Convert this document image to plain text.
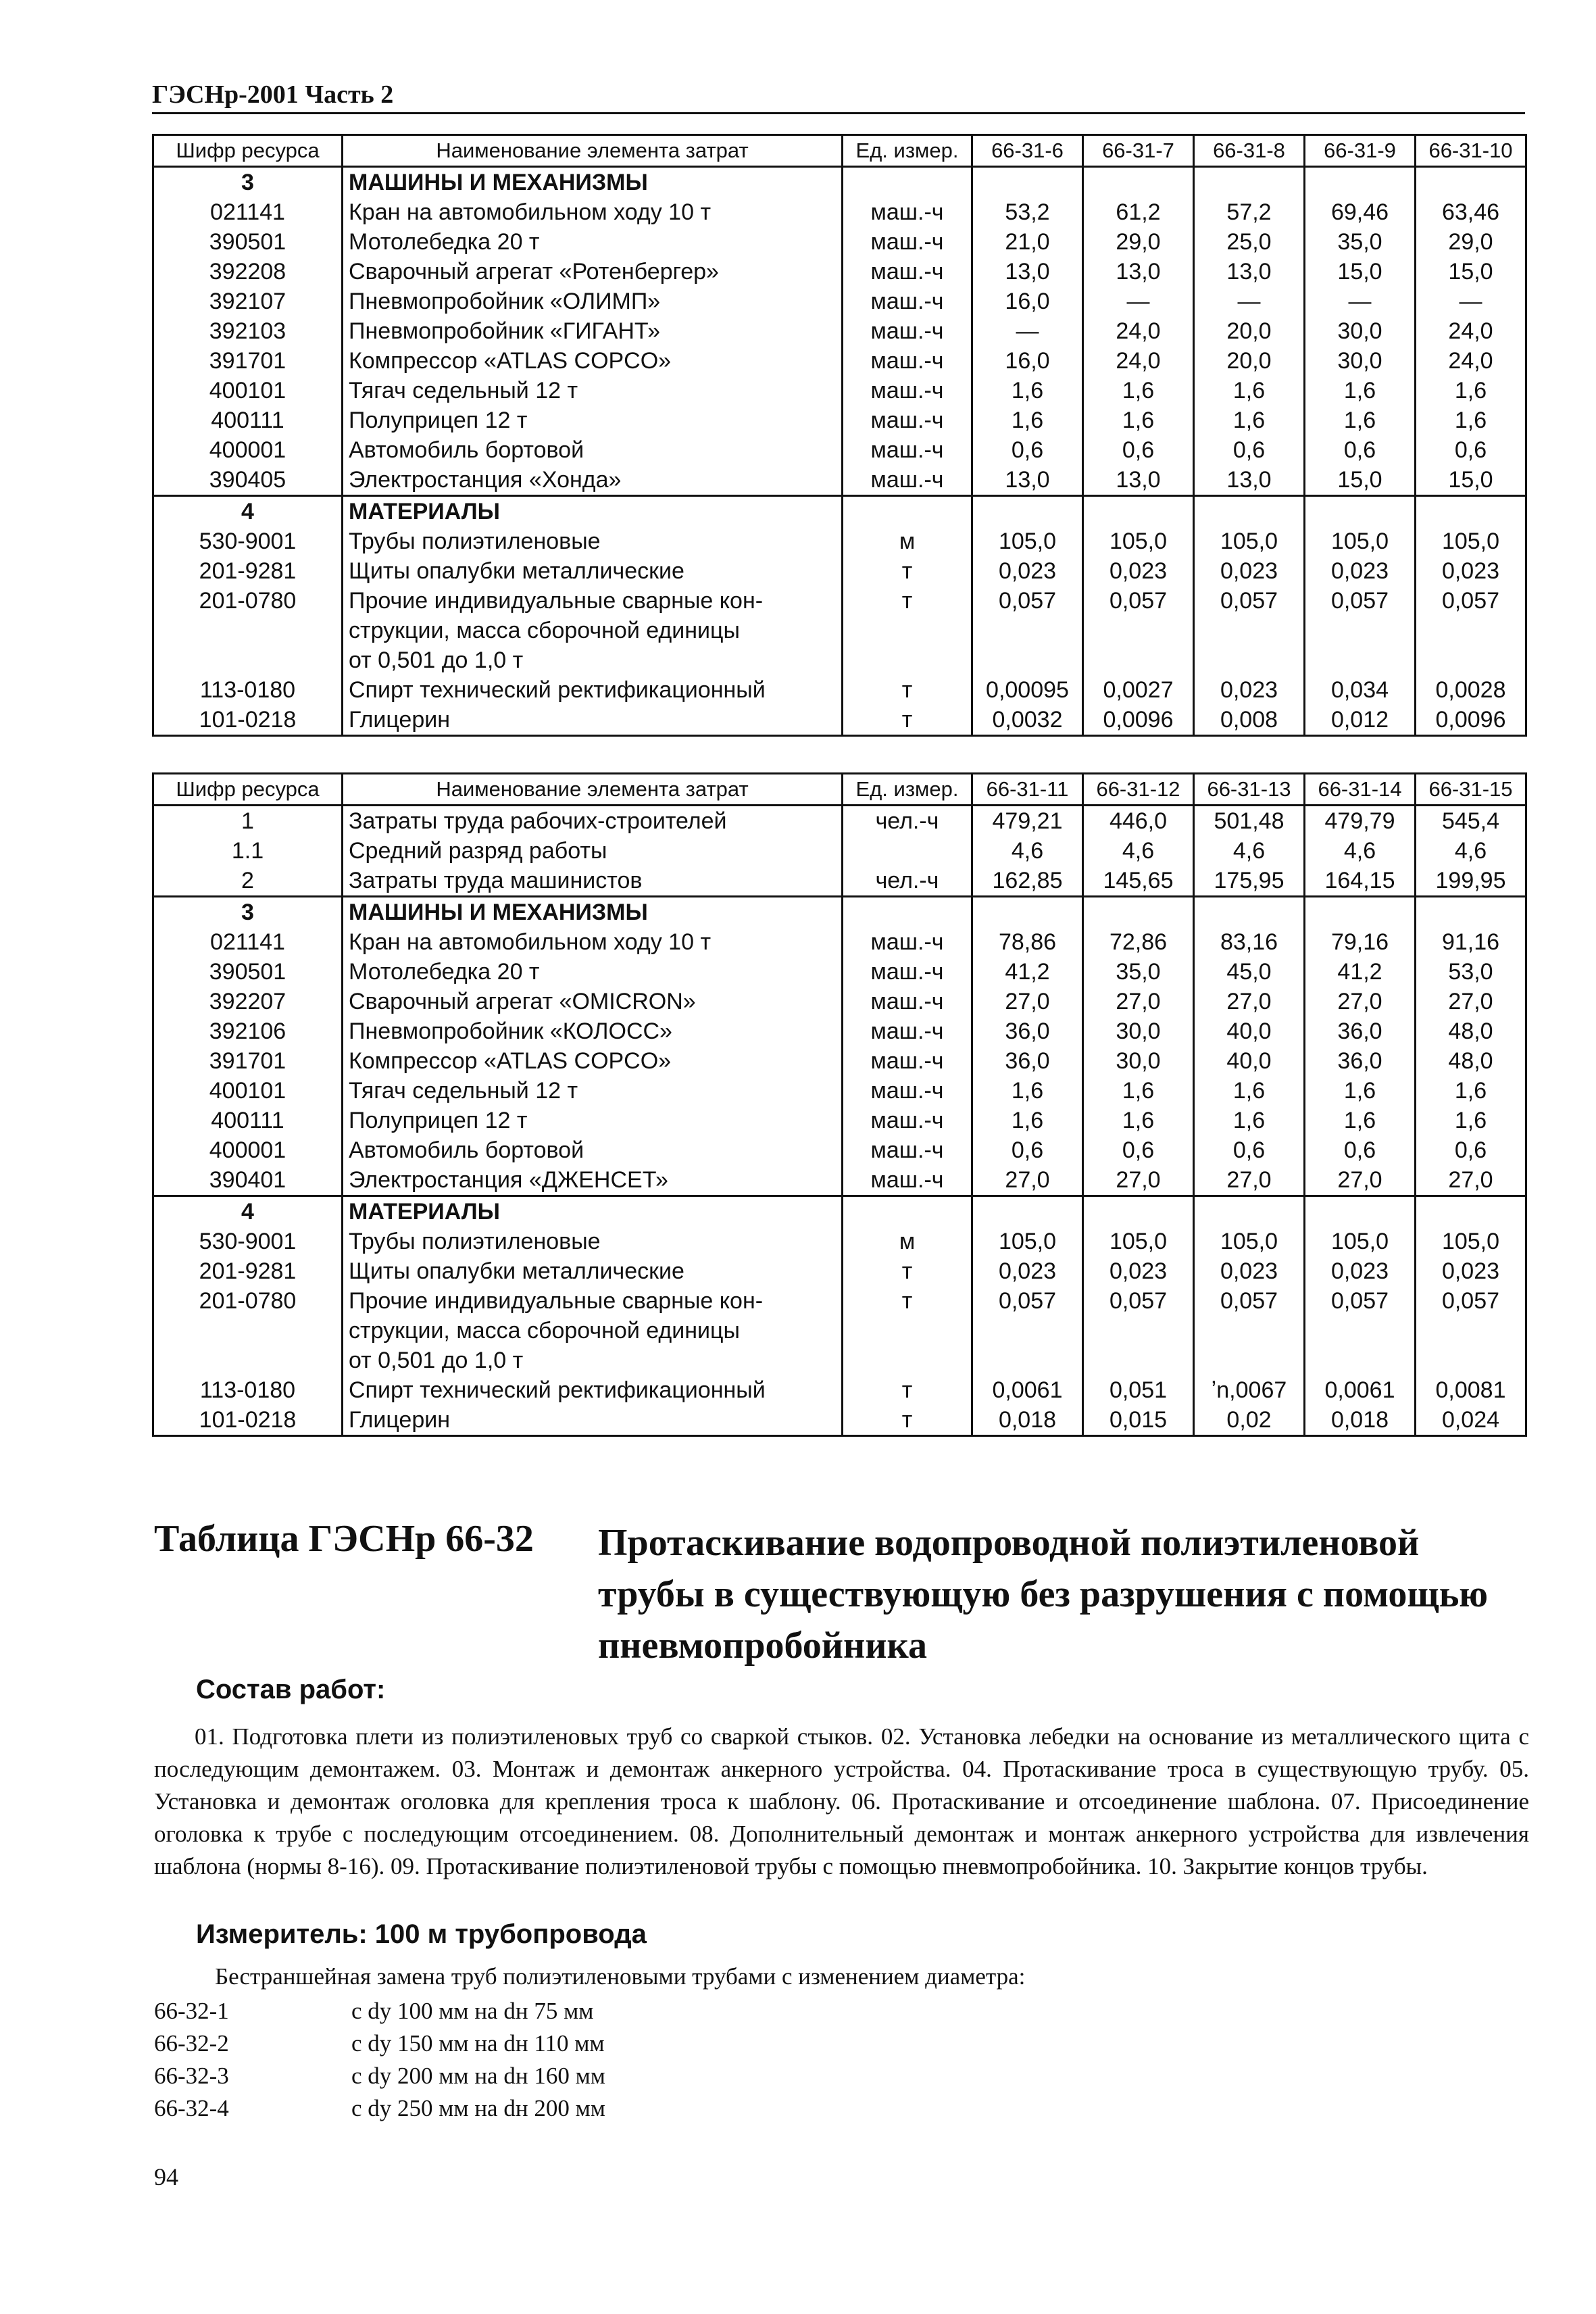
ГЭСНр-2001 Часть 2
Шифр ресурса	Наименование элемента затрат	Ед. измер.	66-31-6	66-31-7	66-31-8	66-31-9	66-31-10
3	МАШИНЫ И МЕХАНИЗМЫ						
021141	Кран на автомобильном ходу 10 т	маш.-ч	53,2	61,2	57,2	69,46	63,46
390501	Мотолебедка 20 т	маш.-ч	21,0	29,0	25,0	35,0	29,0
392208	Сварочный агрегат «Ротенбергер»	маш.-ч	13,0	13,0	13,0	15,0	15,0
392107	Пневмопробойник «ОЛИМП»	маш.-ч	16,0	—	—	—	—
392103	Пневмопробойник «ГИГАНТ»	маш.-ч	—	24,0	20,0	30,0	24,0
391701	Компрессор «ATLAS COPCO»	маш.-ч	16,0	24,0	20,0	30,0	24,0
400101	Тягач седельный 12 т	маш.-ч	1,6	1,6	1,6	1,6	1,6
400111	Полуприцеп 12 т	маш.-ч	1,6	1,6	1,6	1,6	1,6
400001	Автомобиль бортовой	маш.-ч	0,6	0,6	0,6	0,6	0,6
390405	Электростанция «Хонда»	маш.-ч	13,0	13,0	13,0	15,0	15,0
4	МАТЕРИАЛЫ						
530-9001	Трубы полиэтиленовые	м	105,0	105,0	105,0	105,0	105,0
201-9281	Щиты опалубки металлические	т	0,023	0,023	0,023	0,023	0,023
201-0780	Прочие индивидуальные сварные кон-	т	0,057	0,057	0,057	0,057	0,057
	струкции, масса сборочной единицы						
	от 0,501 до 1,0 т						
113-0180	Спирт технический ректификационный	т	0,00095	0,0027	0,023	0,034	0,0028
101-0218	Глицерин	т	0,0032	0,0096	0,008	0,012	0,0096
Шифр ресурса	Наименование элемента затрат	Ед. измер.	66-31-11	66-31-12	66-31-13	66-31-14	66-31-15
1	Затраты труда рабочих-строителей	чел.-ч	479,21	446,0	501,48	479,79	545,4
1.1	Средний разряд работы		4,6	4,6	4,6	4,6	4,6
2	Затраты труда машинистов	чел.-ч	162,85	145,65	175,95	164,15	199,95
3	МАШИНЫ И МЕХАНИЗМЫ						
021141	Кран на автомобильном ходу 10 т	маш.-ч	78,86	72,86	83,16	79,16	91,16
390501	Мотолебедка 20 т	маш.-ч	41,2	35,0	45,0	41,2	53,0
392207	Сварочный агрегат «OMICRON»	маш.-ч	27,0	27,0	27,0	27,0	27,0
392106	Пневмопробойник «КОЛОСС»	маш.-ч	36,0	30,0	40,0	36,0	48,0
391701	Компрессор «ATLAS COPCO»	маш.-ч	36,0	30,0	40,0	36,0	48,0
400101	Тягач седельный 12 т	маш.-ч	1,6	1,6	1,6	1,6	1,6
400111	Полуприцеп 12 т	маш.-ч	1,6	1,6	1,6	1,6	1,6
400001	Автомобиль бортовой	маш.-ч	0,6	0,6	0,6	0,6	0,6
390401	Электростанция «ДЖЕНСЕТ»	маш.-ч	27,0	27,0	27,0	27,0	27,0
4	МАТЕРИАЛЫ						
530-9001	Трубы полиэтиленовые	м	105,0	105,0	105,0	105,0	105,0
201-9281	Щиты опалубки металлические	т	0,023	0,023	0,023	0,023	0,023
201-0780	Прочие индивидуальные сварные кон-	т	0,057	0,057	0,057	0,057	0,057
	струкции, масса сборочной единицы						
	от 0,501 до 1,0 т						
113-0180	Спирт технический ректификационный	т	0,0061	0,051	ʼn,0067	0,0061	0,0081
101-0218	Глицерин	т	0,018	0,015	0,02	0,018	0,024
Таблица ГЭСНр 66-32 Протаскивание водопроводной полиэтиленовой трубы в существующую без разрушения с помощью пневмопробойника
Состав работ:
01. Подготовка плети из полиэтиленовых труб со сваркой стыков. 02. Установка лебедки на основание из металлического щита с последующим демонтажем. 03. Монтаж и демонтаж анкерного устройства. 04. Протаскивание троса в существующую трубу. 05. Установка и демонтаж оголовка для крепления троса к шаблону. 06. Протаскивание и отсоединение шаблона. 07. Присоединение оголовка к трубе с последующим отсоединением. 08. Дополнительный демонтаж и монтаж анкерного устройства для извлечения шаблона (нормы 8-16). 09. Протаскивание полиэтиленовой трубы с помощью пневмопробойника. 10. Закрытие концов трубы.
Измеритель: 100 м трубопровода
Бестраншейная замена труб полиэтиленовыми трубами с изменением диаметра:
66-32-1	с dy 100 мм на dн 75 мм
66-32-2	с dy 150 мм на dн 110 мм
66-32-3	с dy 200 мм на dн 160 мм
66-32-4	с dy 250 мм на dн 200 мм
94
